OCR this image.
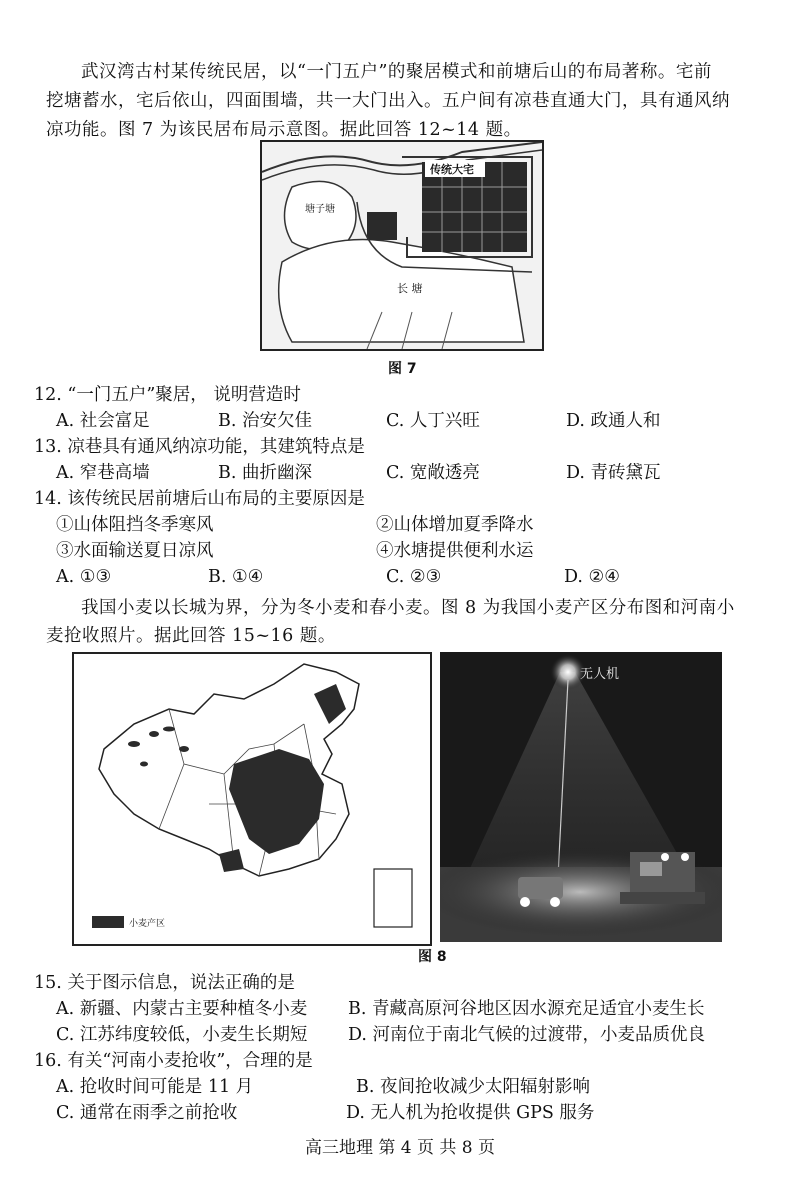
武汉湾古村某传统民居，以“一门五户”的聚居模式和前塘后山的布局著称。宅前
挖塘蓄水，宅后依山，四面围墙，共一大门出入。五户间有凉巷直通大门，具有通风纳
凉功能。图 7 为该民居布局示意图。据此回答 12~14 题。
传统大宅
塘子塘
长 塘
图 7
12. “一门五户”聚居， 说明营造时
A. 社会富足	B. 治安欠佳	C. 人丁兴旺	D. 政通人和
13. 凉巷具有通风纳凉功能，其建筑特点是
A. 窄巷高墙	B. 曲折幽深	C. 宽敞透亮	D. 青砖黛瓦
14. 该传统民居前塘后山布局的主要原因是
①山体阻挡冬季寒风	②山体增加夏季降水
③水面输送夏日凉风	④水塘提供便利水运
A. ①③	B. ①④	C. ②③	D. ②④
我国小麦以长城为界，分为冬小麦和春小麦。图 8 为我国小麦产区分布图和河南小
麦抢收照片。据此回答 15~16 题。
小麦产区
无人机
图 8
15. 关于图示信息，说法正确的是
A. 新疆、内蒙古主要种植冬小麦 B. 青藏高原河谷地区因水源充足适宜小麦生长
C. 江苏纬度较低，小麦生长期短 D. 河南位于南北气候的过渡带，小麦品质优良
16. 有关“河南小麦抢收”，合理的是
A. 抢收时间可能是 11 月	B. 夜间抢收减少太阳辐射影响
C. 通常在雨季之前抢收	D. 无人机为抢收提供 GPS 服务
高三地理 第 4 页 共 8 页
